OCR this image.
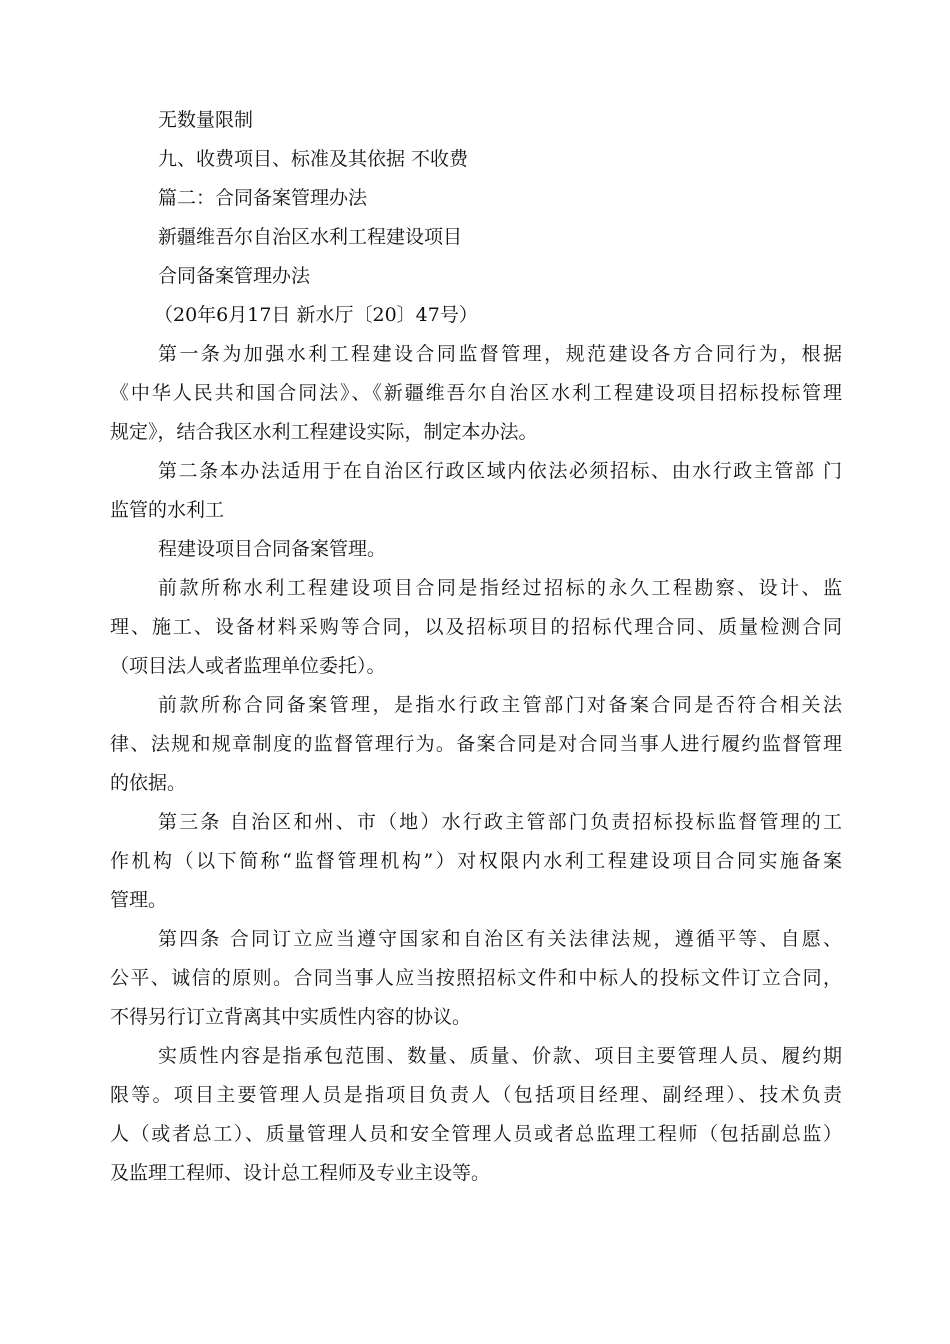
无数量限制
九、收费项目、标准及其依据 不收费
篇二：合同备案管理办法
新疆维吾尔自治区水利工程建设项目
合同备案管理办法
（20年6月17日 新水厅〔20〕47号）
第一条为加强水利工程建设合同监督管理，规范建设各方合同行为，根据
《中华人民共和国合同法》、《新疆维吾尔自治区水利工程建设项目招标投标管理
规定》，结合我区水利工程建设实际，制定本办法。
第二条本办法适用于在自治区行政区域内依法必须招标、由水行政主管部 门
监管的水利工
程建设项目合同备案管理。
前款所称水利工程建设项目合同是指经过招标的永久工程勘察、设计、监
理、施工、设备材料采购等合同，以及招标项目的招标代理合同、质量检测合同
（项目法人或者监理单位委托）。
前款所称合同备案管理，是指水行政主管部门对备案合同是否符合相关法
律、法规和规章制度的监督管理行为。备案合同是对合同当事人进行履约监督管理
的依据。
第三条 自治区和州、市（地）水行政主管部门负责招标投标监督管理的工
作机构（以下简称“监督管理机构”）对权限内水利工程建设项目合同实施备案
管理。
第四条 合同订立应当遵守国家和自治区有关法律法规，遵循平等、自愿、
公平、诚信的原则。合同当事人应当按照招标文件和中标人的投标文件订立合同，
不得另行订立背离其中实质性内容的协议。
实质性内容是指承包范围、数量、质量、价款、项目主要管理人员、履约期
限等。项目主要管理人员是指项目负责人（包括项目经理、副经理）、技术负责
人（或者总工）、质量管理人员和安全管理人员或者总监理工程师（包括副总监）
及监理工程师、设计总工程师及专业主设等。
